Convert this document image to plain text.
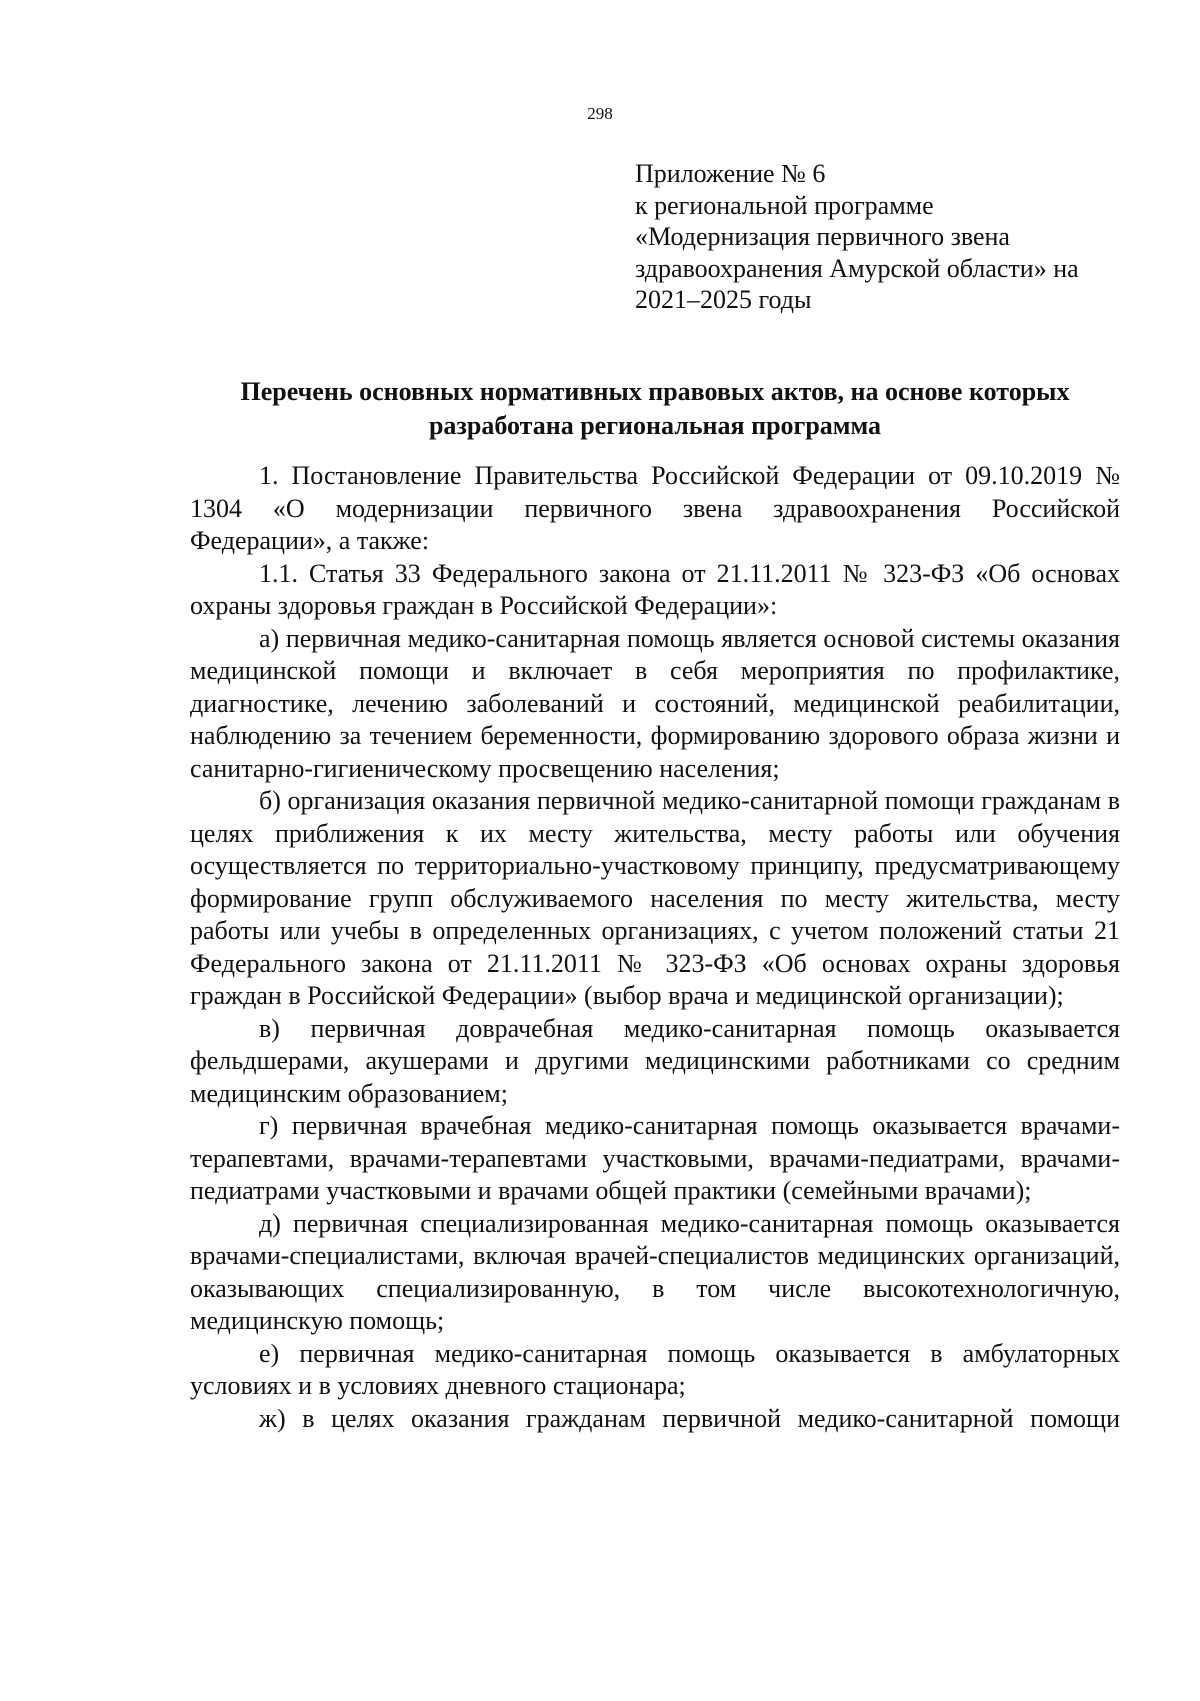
298
Приложение № 6
к региональной программе
«Модернизация первичного звена
здравоохранения Амурской области» на
2021–2025 годы
Перечень основных нормативных правовых актов, на основе которых
разработана региональная программа

1. Постановление Правительства Российской Федерации от 09.10.2019 № 1304 «О модернизации первичного звена здравоохранения Российской Федерации», а также:

1.1. Статья 33 Федерального закона от 21.11.2011 № 323-ФЗ «Об основах охраны здоровья граждан в Российской Федерации»:

а) первичная медико-санитарная помощь является основой системы оказания медицинской помощи и включает в себя мероприятия по профилактике, диагностике, лечению заболеваний и состояний, медицинской реабилитации, наблюдению за течением беременности, формированию здорового образа жизни и санитарно-гигиеническому просвещению населения;

б) организация оказания первичной медико-санитарной помощи гражданам в целях приближения к их месту жительства, месту работы или обучения осуществляется по территориально-участковому принципу, предусматривающему формирование групп обслуживаемого населения по месту жительства, месту работы или учебы в определенных организациях, с учетом положений статьи 21 Федерального закона от 21.11.2011 № 323-ФЗ «Об основах охраны здоровья граждан в Российской Федерации» (выбор врача и медицинской организации);

в) первичная доврачебная медико-санитарная помощь оказывается фельдшерами, акушерами и другими медицинскими работниками со средним медицинским образованием;

г) первичная врачебная медико-санитарная помощь оказывается врачами-терапевтами, врачами-терапевтами участковыми, врачами-педиатрами, врачами-педиатрами участковыми и врачами общей практики (семейными врачами);

д) первичная специализированная медико-санитарная помощь оказывается врачами-специалистами, включая врачей-специалистов медицинских организаций, оказывающих специализированную, в том числе высокотехнологичную, медицинскую помощь;

е) первичная медико-санитарная помощь оказывается в амбулаторных условиях и в условиях дневного стационара;

ж) в целях оказания гражданам первичной медико-санитарной помощи
